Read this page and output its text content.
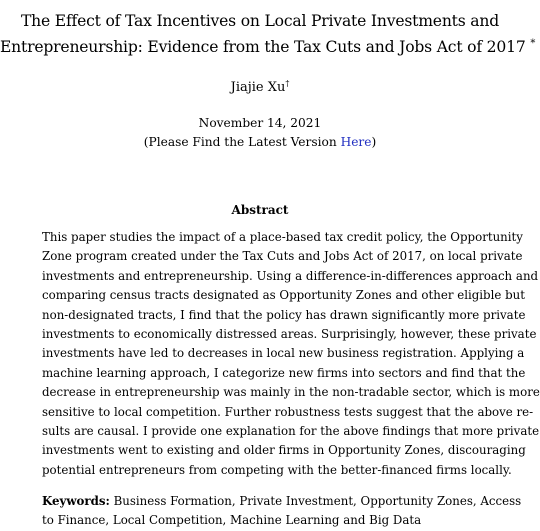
The Effect of Tax Incentives on Local Private Investments and
Entrepreneurship: Evidence from the Tax Cuts and Jobs Act of 2017 *
Jiajie Xu†
November 14, 2021
(Please Find the Latest Version Here)
Abstract
This paper studies the impact of a place-based tax credit policy, the Opportunity
Zone program created under the Tax Cuts and Jobs Act of 2017, on local private
investments and entrepreneurship. Using a difference-in-differences approach and
comparing census tracts designated as Opportunity Zones and other eligible but
non-designated tracts, I find that the policy has drawn significantly more private
investments to economically distressed areas. Surprisingly, however, these private
investments have led to decreases in local new business registration. Applying a
machine learning approach, I categorize new firms into sectors and find that the
decrease in entrepreneurship was mainly in the non-tradable sector, which is more
sensitive to local competition. Further robustness tests suggest that the above re-
sults are causal. I provide one explanation for the above findings that more private
investments went to existing and older firms in Opportunity Zones, discouraging
potential entrepreneurs from competing with the better-financed firms locally.
Keywords: Business Formation, Private Investment, Opportunity Zones, Access
to Finance, Local Competition, Machine Learning and Big Data
